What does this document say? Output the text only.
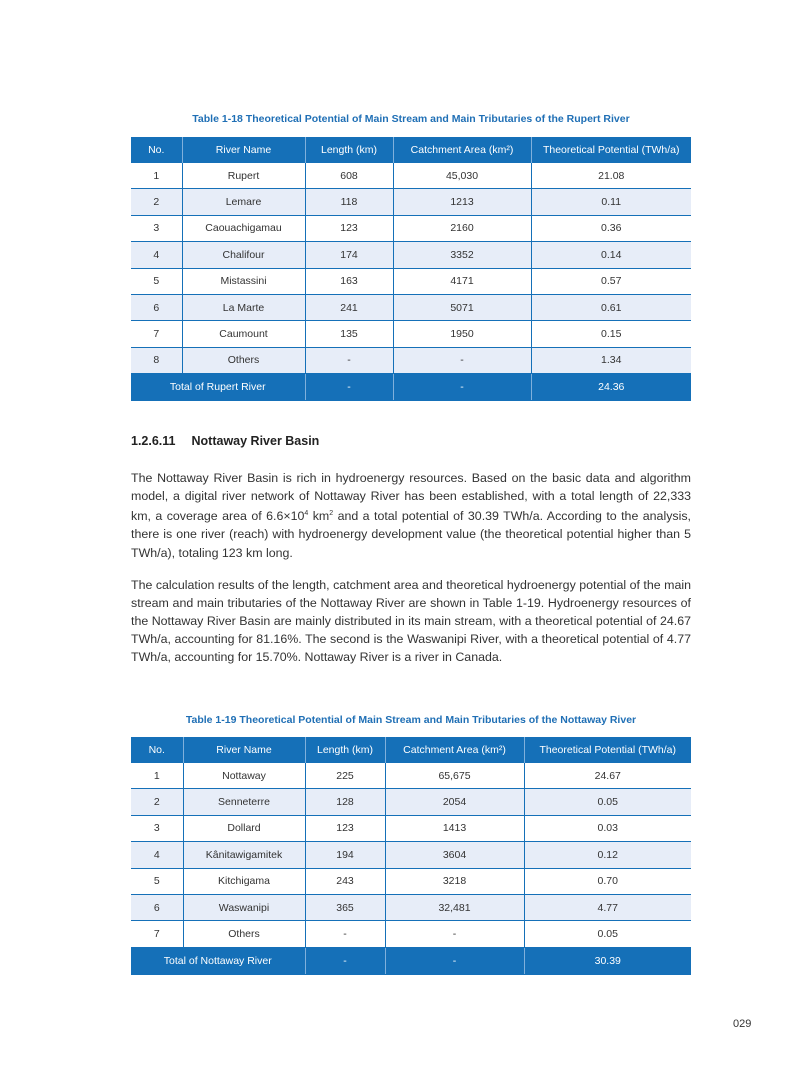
Table 1-18 Theoretical Potential of Main Stream and Main Tributaries of the Rupert River
No.	River Name	Length (km)	Catchment Area (km²)	Theoretical Potential (TWh/a)
1	Rupert	608	45,030	21.08
2	Lemare	118	1213	0.11
3	Caouachigamau	123	2160	0.36
4	Chalifour	174	3352	0.14
5	Mistassini	163	4171	0.57
6	La Marte	241	5071	0.61
7	Caumount	135	1950	0.15
8	Others	-	-	1.34
Total of Rupert River		-	-	24.36
1.2.6.11 Nottaway River Basin

The Nottaway River Basin is rich in hydroenergy resources. Based on the basic data and algorithm model, a digital river network of Nottaway River has been established, with a total length of 22,333 km, a coverage area of $6.6\times 10^4$ $km^2$ and a total potential of 30.39 TWh/a. According to the analysis, there is one river (reach) with hydroenergy development value (the theoretical potential higher than 5 TWh/a), totaling 123 km long.

The calculation results of the length, catchment area and theoretical hydroenergy potential of the main stream and main tributaries of the Nottaway River are shown in Table 1-19. Hydroenergy resources of the Nottaway River Basin are mainly distributed in its main stream, with a theoretical potential of 24.67 TWh/a, accounting for 81.16%. The second is the Waswanipi River, with a theoretical potential of 4.77 TWh/a, accounting for 15.70%. Nottaway River is a river in Canada.

Table 1-19 Theoretical Potential of Main Stream and Main Tributaries of the Nottaway River
No.	River Name	Length (km)	Catchment Area (km²)	Theoretical Potential (TWh/a)
1	Nottaway	225	65,675	24.67
2	Senneterre	128	2054	0.05
3	Dollard	123	1413	0.03
4	Kânitawigamitek	194	3604	0.12
5	Kitchigama	243	3218	0.70
6	Waswanipi	365	32,481	4.77
7	Others	-	-	0.05
Total of Nottaway River		-	-	30.39
029
